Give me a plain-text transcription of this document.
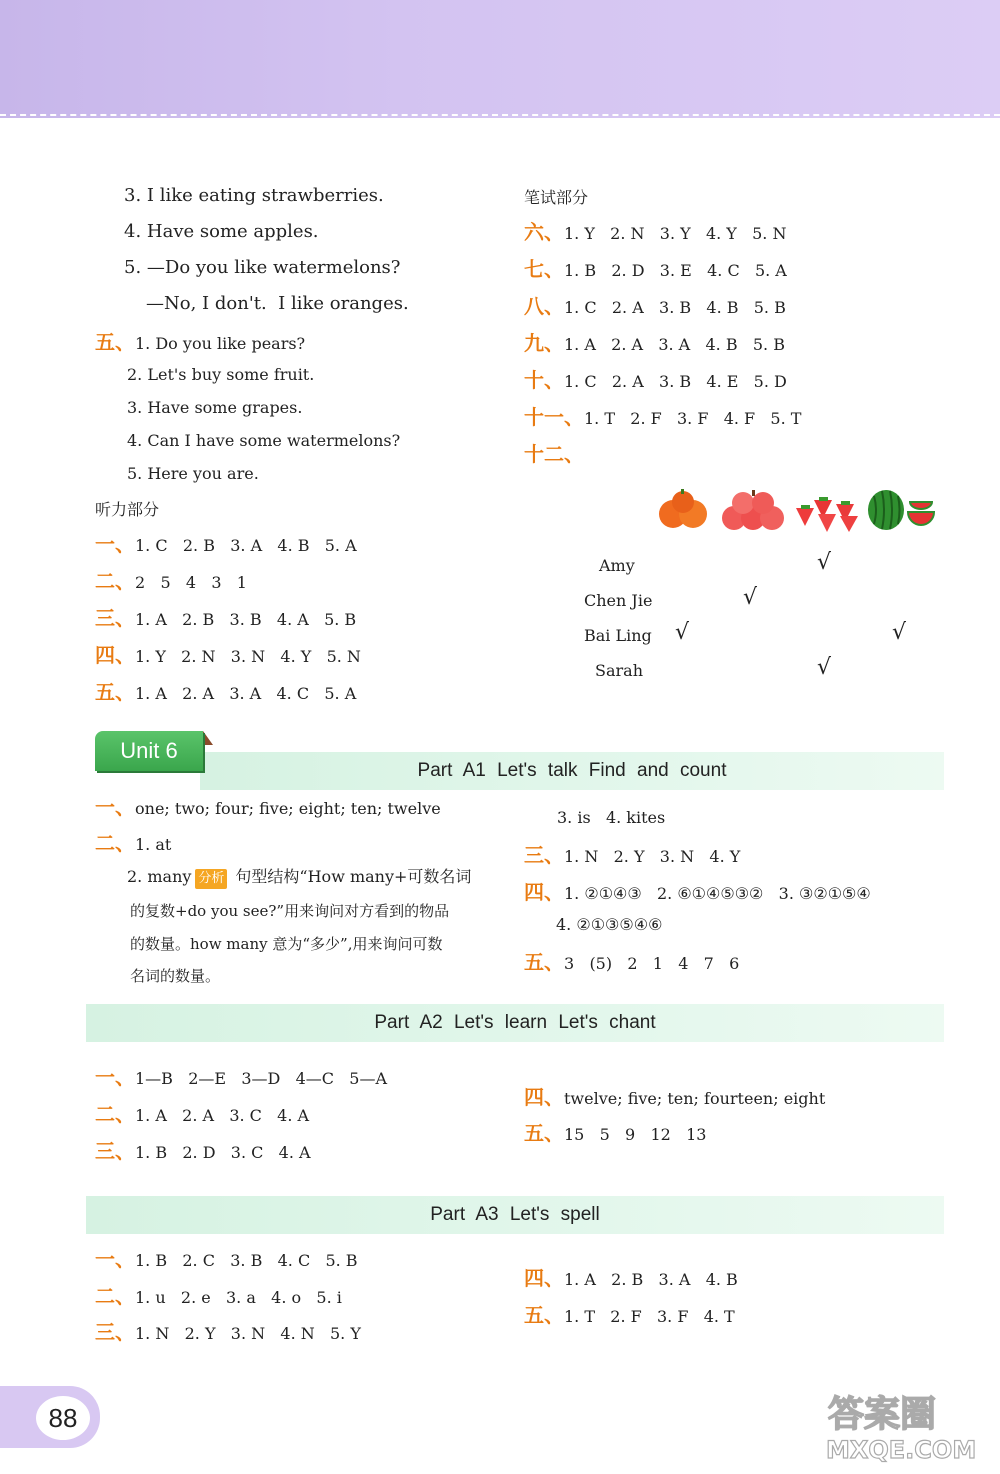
3. I like eating strawberries.
4. Have some apples.
5. —Do you like watermelons?
—No, I don't.  I like oranges.
五、1. Do you like pears?
2. Let's buy some fruit.
3. Have some grapes.
4. Can I have some watermelons?
5. Here you are.
听力部分
一、1. C   2. B   3. A   4. B   5. A
二、2   5   4   3   1
三、1. A   2. B   3. B   4. A   5. B
四、1. Y   2. N   3. N   4. Y   5. N
五、1. A   2. A   3. A   4. C   5. A
笔试部分
六、1. Y   2. N   3. Y   4. Y   5. N
七、1. B   2. D   3. E   4. C   5. A
八、1. C   2. A   3. B   4. B   5. B
九、1. A   2. A   3. A   4. B   5. B
十、1. C   2. A   3. B   4. E   5. D
十一、1. T   2. F   3. F   4. F   5. T
十二、
Amy
Chen Jie
Bai Ling
Sarah
√
√
√	√
√
Part A1 Let's talk Find and count
Unit 6
一、one; two; four; five; eight; ten; twelve
二、1. at
2. many 分析 句型结构“How many+可数名词
的复数+do you see?”用来询问对方看到的物品
的数量。how many 意为“多少”,用来询问可数
名词的数量。
3. is   4. kites
三、1. N   2. Y   3. N   4. Y
四、1. ②①④③   2. ⑥①④⑤③②   3. ③②①⑤④
4. ②①③⑤④⑥
五、3   (5)   2   1   4   7   6
Part A2 Let's learn Let's chant
一、1—B   2—E   3—D   4—C   5—A
二、1. A   2. A   3. C   4. A
三、1. B   2. D   3. C   4. A
四、twelve; five; ten; fourteen; eight
五、15   5   9   12   13
Part A3 Let's spell
一、1. B   2. C   3. B   4. C   5. B
二、1. u   2. e   3. a   4. o   5. i
三、1. N   2. Y   3. N   4. N   5. Y
四、1. A   2. B   3. A   4. B
五、1. T   2. F   3. F   4. T
88	答案圈
MXQE.COM
